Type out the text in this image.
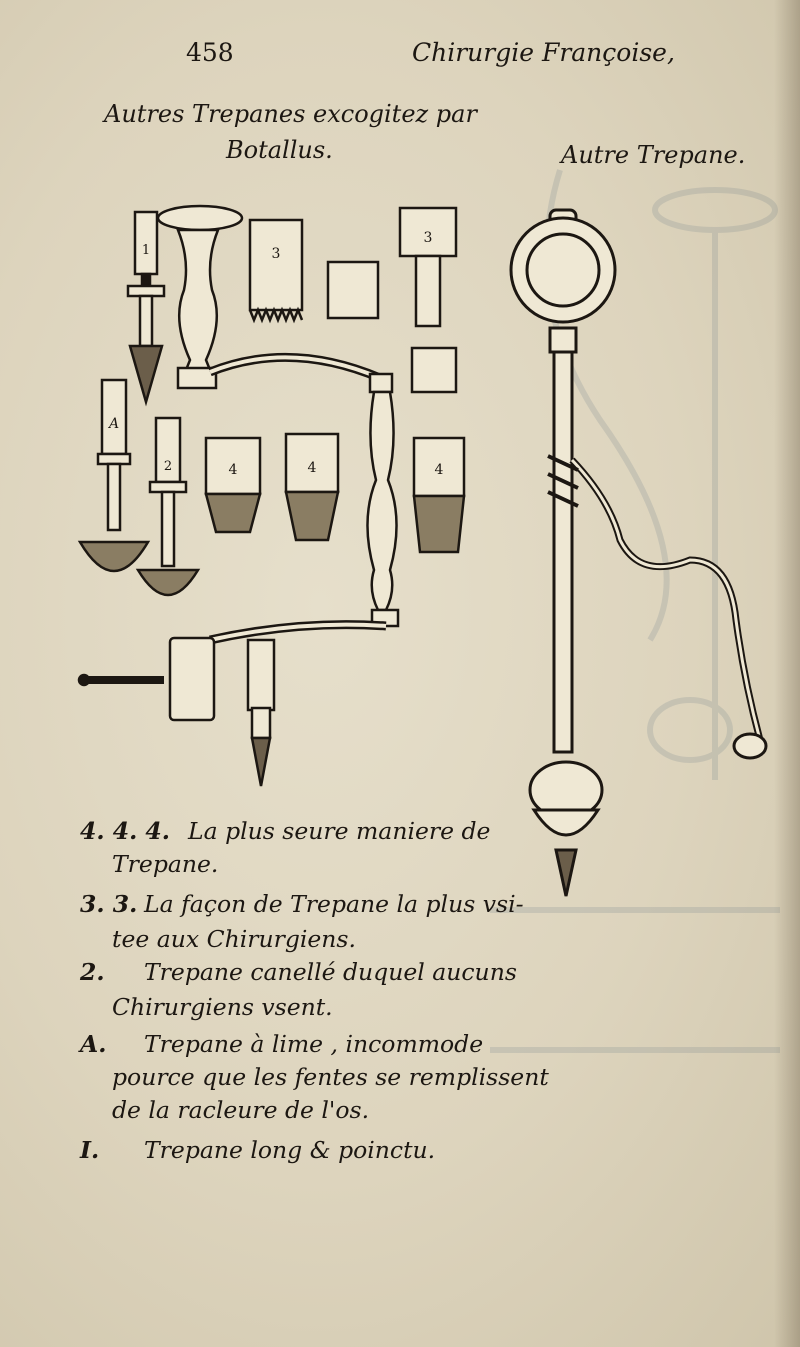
458	Chirurgie Françoise,
Autres Trepanes excogitez par
Botallus.	Autre Trepane.
1
A
2
3
3
4	4	4
4. 4. 4. La plus seure maniere de
Trepane.
3. 3. La façon de Trepane la plus vsi-
tee aux Chirurgiens.
2. Trepane canellé duquel aucuns
Chirurgiens vsent.
A. Trepane à lime , incommode
pource que les fentes se remplissent
de la racleure de l'os.
I. Trepane long & poinctu.
